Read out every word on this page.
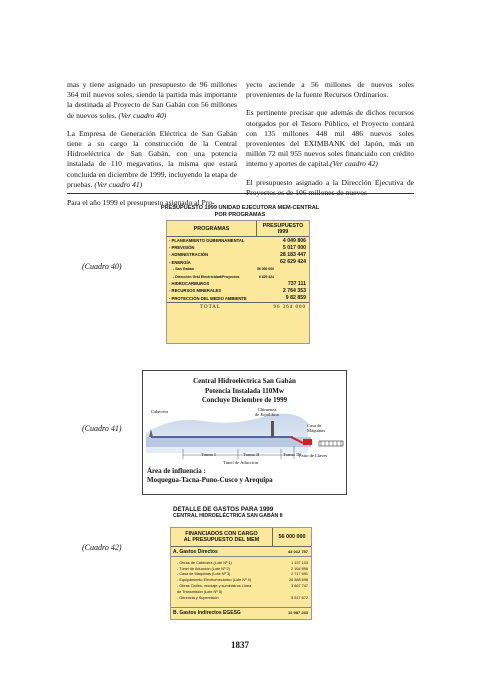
mas y tiene asignado un presupuesto de 96 millones 364 mil nuevos soles, siendo la partida más importante la destinada al Proyecto de San Gabán con 56 millones de nuevos soles. (Ver cuadro 40)

La Empresa de Generación Eléctrica de San Gabán tiene a su cargo la construcción de la Central Hidroeléctrica de San Gabán, con una potencia instalada de 110 megavatios, la misma que estará concluida en diciembre de 1999, incluyendo la etapa de pruebas. (Ver cuadro 41)

Para el año 1999 el presupuesto asignado al Pro-

yecto asciende a 56 millones de nuevos soles provenientes de la fuente Recursos Ordinarios.

Es pertinente precisar que además de dichos recursos otorgados por el Tesoro Público, el Proyecto contará con 135 millones 448 mil 486 nuevos soles provenientes del EXIMBANK del Japón, más un millón 72 mil 955 nuevos soles financiado con crédito interno y aportes de capital.(Ver cuadro 42)

El presupuesto asignado a la Dirección Ejecutiva de Proyectos es de 106 millones de nuevos

(Cuadro 40)
PRESUPUESTO 1999 UNIDAD EJECUTORA MEM-CENTRAL
POR PROGRAMAS
PROGRAMAS	PRESUPUESTO
l999
- PLANEAMIENTO GUBERNAMENTAL	4 049 806
- PREVISIÓN	5 017 000
- ADMINISTRACIÓN	28 183 447
- ENERGÍA	62 629 424
- San Gabán	56 000 000
- Dirección Grál Electricidad/Proyectos	6 629 424
- HIDROCARBUROS	737 111
- RECURSOS MINERALES	2 764 353
- PROTECCIÓN DEL MEDIO AMBIENTE	9 82 859
TOTAL	96 364 000
(Cuadro 41)
Central Hidroeléctrica San Gabán
Potencia Instalada 110Mw
Concluye Diciembre de 1999
Cabecera	Chimenea
de Equilibrio
Casa de
Máquinas
Tramo I	Tramo II	Tramo III
Túnel de Aducción
Patio de Llaves
Área de influencia :
Moquegua-Tacna-Puno-Cusco y Arequipa
(Cuadro 42)
DETALLE DE GASTOS PARA 1999
CENTRAL HIDROELÉCTRICA SAN GABÁN II
FINANCIADOS CON CARGO
AL PRESUPUESTO DEL MEM	56 000 000
A. Gastos Directos	43 012 757
- Obras de Cabecera (Lote Nº 1)	1 137 103
- Túnel de Aducción (Lote Nº 2)	2 164 896
- Casa de Máquinas (Lote Nº 3)	2 717 691
- Equipamiento Electromecánico (Lote Nº 4)	26 388 698
- Obras Civiles, montaje y suministros Línea	3 667 747
de Transmisión (Lote Nº 5)
- Gerencia y Supervisión	5 917 672
B. Gastos Indirectos EGESG	12 987 243
1837
